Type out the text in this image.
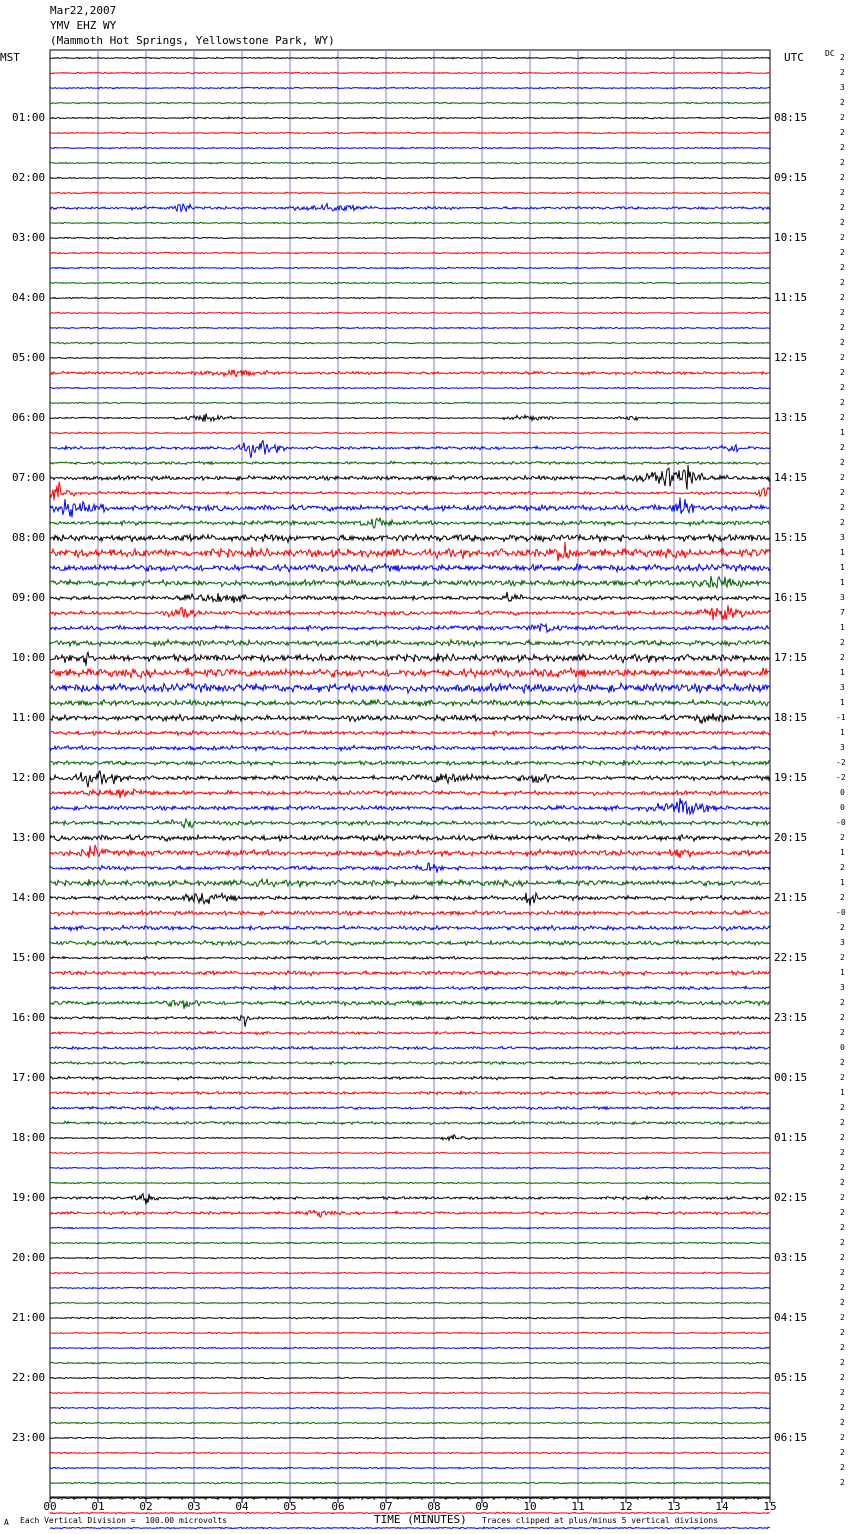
Mar22,2007
YMV EHZ WY
(Mammoth Hot Springs, Yellowstone Park, WY)
MST	UTC	DC
01:00	08:15
02:00	09:15
03:00	10:15
04:00	11:15
05:00	12:15
06:00	13:15
07:00	14:15
08:00	15:15
09:00	16:15
10:00	17:15
11:00	18:15
12:00	19:15
13:00	20:15
14:00	21:15
15:00	22:15
16:00	23:15
17:00	00:15
18:00	01:15
19:00	02:15
20:00	03:15
21:00	04:15
22:00	05:15
23:00	06:15
2
2
3
2
2
2
2
2
2
2
2
2
2
2
2
2
2
2
2
2
2
2
2
2
2
1
2
2
2
2
2
2
3
1
1
1
3
7
1
2
2
1
3
1
-1
1
3
-2
-2
0
0
-0
2
1
2
1
2
-0
2
3
2
1
3
2
2
2
0
2
2
1
2
2
2
2
2
2
2
2
2
2
2
2
2
2
2
2
2
2
2
2
2
2
2
2
2
2
00	01	02	03	04	05	06	07	08	09	10	11	12	13	14	15
A Each Vertical Division =  100.00 microvolts	TIME (MINUTES) Traces clipped at plus/minus 5 vertical divisions
